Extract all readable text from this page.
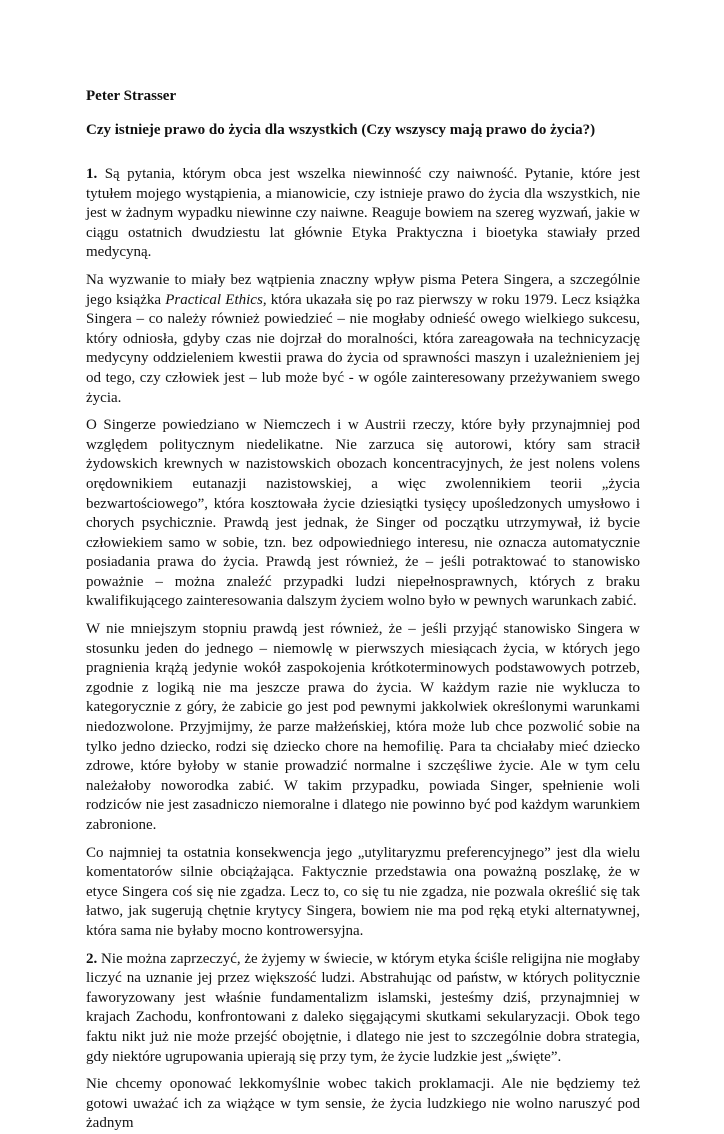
Peter Strasser
Czy istnieje prawo do życia dla wszystkich (Czy wszyscy mają prawo do życia?)

1. Są pytania, którym obca jest wszelka niewinność czy naiwność. Pytanie, które jest tytułem mojego wystąpienia, a mianowicie, czy istnieje prawo do życia dla wszystkich, nie jest w żadnym wypadku niewinne czy naiwne. Reaguje bowiem na szereg wyzwań, jakie w ciągu ostatnich dwudziestu lat głównie Etyka Praktyczna i bioetyka stawiały przed medycyną.

Na wyzwanie to miały bez wątpienia znaczny wpływ pisma Petera Singera, a szczególnie jego książka Practical Ethics, która ukazała się po raz pierwszy w roku 1979. Lecz książka Singera – co należy również powiedzieć – nie mogłaby odnieść owego wielkiego sukcesu, który odniosła, gdyby czas nie dojrzał do moralności, która zareagowała na technicyzację medycyny oddzieleniem kwestii prawa do życia od sprawności maszyn i uzależnieniem jej od tego, czy człowiek jest – lub może być - w ogóle zainteresowany przeżywaniem swego życia.

O Singerze powiedziano w Niemczech i w Austrii rzeczy, które były przynajmniej pod względem politycznym niedelikatne. Nie zarzuca się autorowi, który sam stracił żydowskich krewnych w nazistowskich obozach koncentracyjnych, że jest nolens volens orędownikiem eutanazji nazistowskiej, a więc zwolennikiem teorii „życia bezwartościowego”, która kosztowała życie dziesiątki tysięcy upośledzonych umysłowo i chorych psychicznie. Prawdą jest jednak, że Singer od początku utrzymywał, iż bycie człowiekiem samo w sobie, tzn. bez odpowiedniego interesu, nie oznacza automatycznie posiadania prawa do życia. Prawdą jest również, że – jeśli potraktować to stanowisko poważnie – można znaleźć przypadki ludzi niepełnosprawnych, których z braku kwalifikującego zainteresowania dalszym życiem wolno było w pewnych warunkach zabić.

W nie mniejszym stopniu prawdą jest również, że – jeśli przyjąć stanowisko Singera w stosunku jeden do jednego – niemowlę w pierwszych miesiącach życia, w których jego pragnienia krążą jedynie wokół zaspokojenia krótkoterminowych podstawowych potrzeb, zgodnie z logiką nie ma jeszcze prawa do życia. W każdym razie nie wyklucza to kategorycznie z góry, że zabicie go jest pod pewnymi jakkolwiek określonymi warunkami niedozwolone. Przyjmijmy, że parze małżeńskiej, która może lub chce pozwolić sobie na tylko jedno dziecko, rodzi się dziecko chore na hemofilię. Para ta chciałaby mieć dziecko zdrowe, które byłoby w stanie prowadzić normalne i szczęśliwe życie. Ale w tym celu należałoby noworodka zabić. W takim przypadku, powiada Singer, spełnienie woli rodziców nie jest zasadniczo niemoralne i dlatego nie powinno być pod każdym warunkiem zabronione.

Co najmniej ta ostatnia konsekwencja jego „utylitaryzmu preferencyjnego” jest dla wielu komentatorów silnie obciążająca. Faktycznie przedstawia ona poważną poszlakę, że w etyce Singera coś się nie zgadza. Lecz to, co się tu nie zgadza, nie pozwala określić się tak łatwo, jak sugerują chętnie krytycy Singera, bowiem nie ma pod ręką etyki alternatywnej, która sama nie byłaby mocno kontrowersyjna.

2. Nie można zaprzeczyć, że żyjemy w świecie, w którym etyka ściśle religijna nie mogłaby liczyć na uznanie jej przez większość ludzi. Abstrahując od państw, w których politycznie faworyzowany jest właśnie fundamentalizm islamski, jesteśmy dziś, przynajmniej w krajach Zachodu, konfrontowani z daleko sięgającymi skutkami sekularyzacji. Obok tego faktu nikt już nie może przejść obojętnie, i dlatego nie jest to szczególnie dobra strategia, gdy niektóre ugrupowania upierają się przy tym, że życie ludzkie jest „święte”.

Nie chcemy oponować lekkomyślnie wobec takich proklamacji. Ale nie będziemy też gotowi uważać ich za wiążące w tym sensie, że życia ludzkiego nie wolno naruszyć pod żadnym
